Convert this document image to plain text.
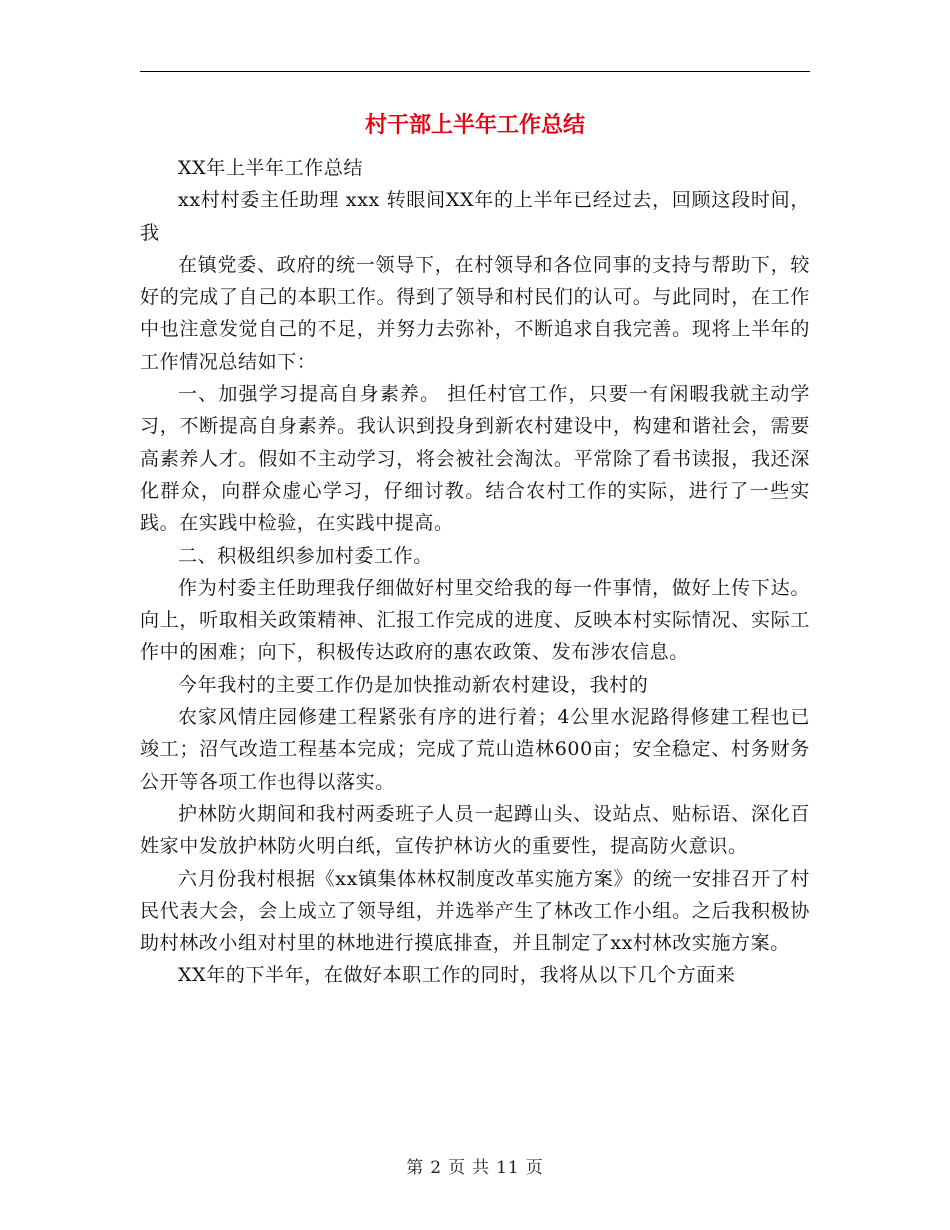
村干部上半年工作总结

XX年上半年工作总结

xx村村委主任助理 xxx 转眼间XX年的上半年已经过去，回顾这段时间，我

在镇党委、政府的统一领导下，在村领导和各位同事的支持与帮助下，较好的完成了自己的本职工作。得到了领导和村民们的认可。与此同时，在工作中也注意发觉自己的不足，并努力去弥补，不断追求自我完善。现将上半年的工作情况总结如下：

一、加强学习提高自身素养。 担任村官工作，只要一有闲暇我就主动学习，不断提高自身素养。我认识到投身到新农村建设中，构建和谐社会，需要高素养人才。假如不主动学习，将会被社会淘汰。平常除了看书读报，我还深化群众，向群众虚心学习，仔细讨教。结合农村工作的实际，进行了一些实践。在实践中检验，在实践中提高。

二、积极组织参加村委工作。

作为村委主任助理我仔细做好村里交给我的每一件事情，做好上传下达。向上，听取相关政策精神、汇报工作完成的进度、反映本村实际情况、实际工作中的困难；向下，积极传达政府的惠农政策、发布涉农信息。

今年我村的主要工作仍是加快推动新农村建设，我村的

农家风情庄园修建工程紧张有序的进行着；4公里水泥路得修建工程也已竣工；沼气改造工程基本完成；完成了荒山造林600亩；安全稳定、村务财务公开等各项工作也得以落实。

护林防火期间和我村两委班子人员一起蹲山头、设站点、贴标语、深化百姓家中发放护林防火明白纸，宣传护林访火的重要性，提高防火意识。

六月份我村根据《xx镇集体林权制度改革实施方案》的统一安排召开了村民代表大会，会上成立了领导组，并选举产生了林改工作小组。之后我积极协助村林改小组对村里的林地进行摸底排查，并且制定了xx村林改实施方案。

XX年的下半年，在做好本职工作的同时，我将从以下几个方面来

第 2 页 共 11 页
